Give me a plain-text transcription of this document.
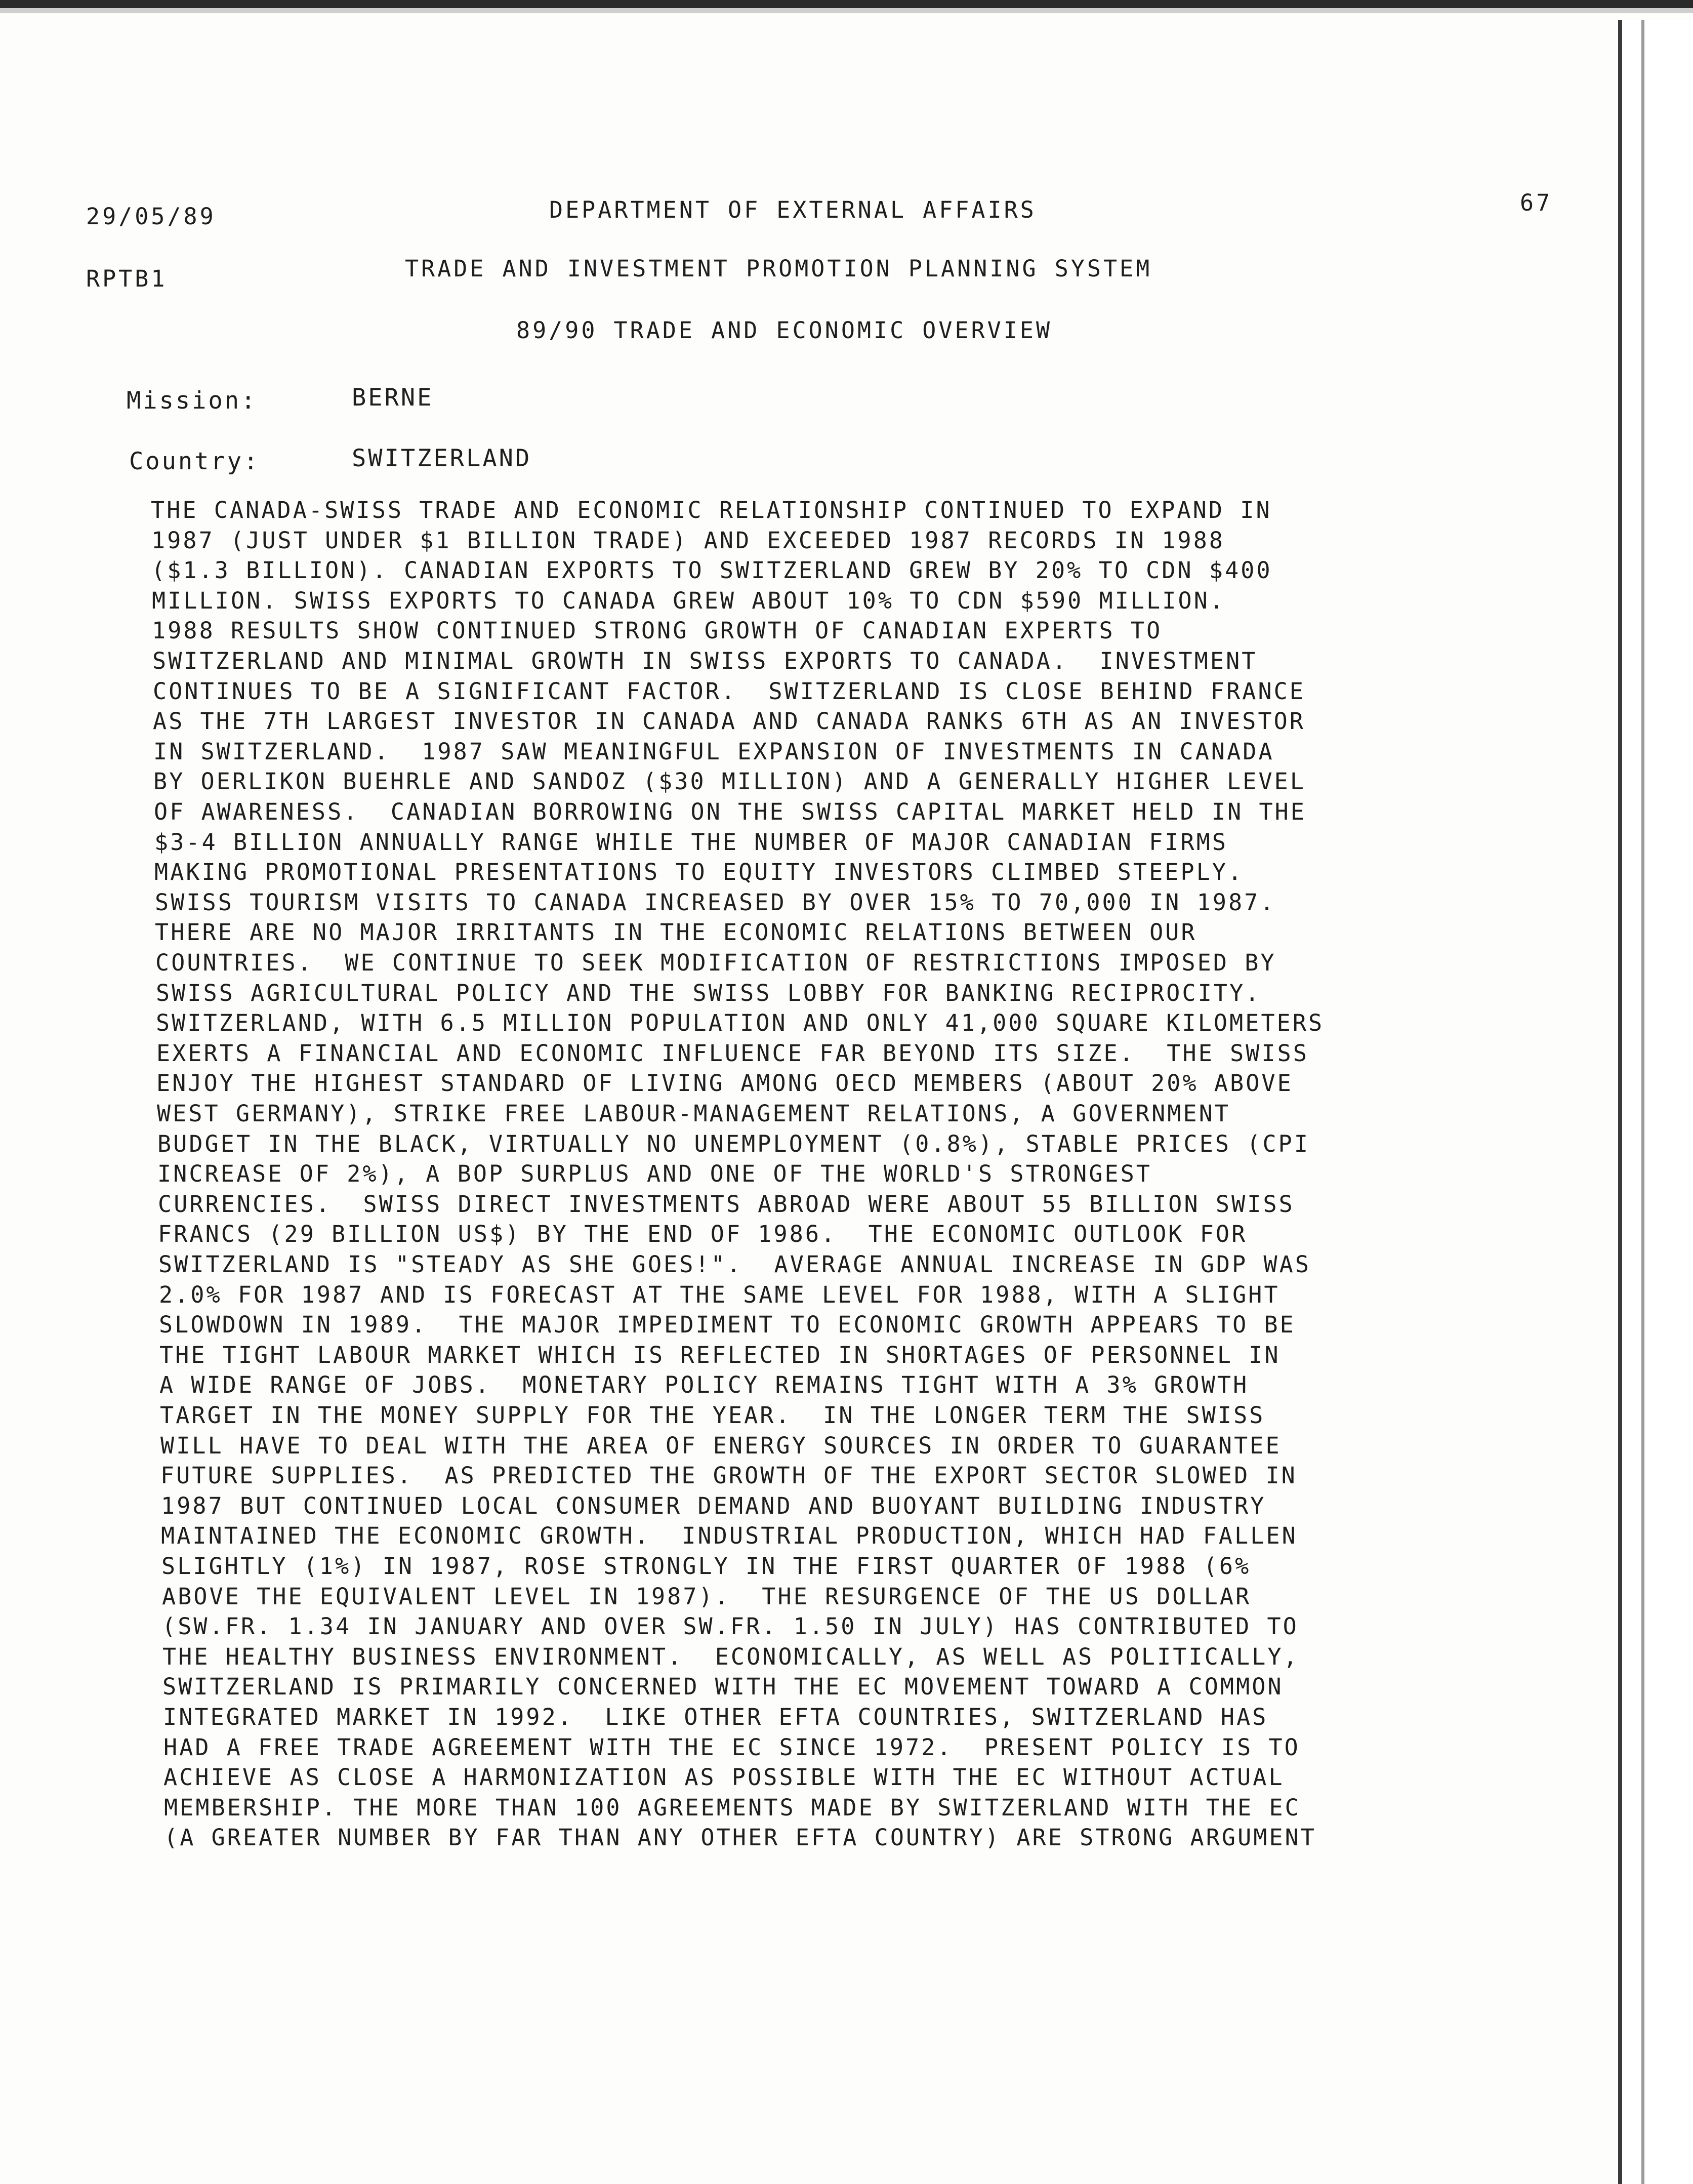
29/05/89	DEPARTMENT OF EXTERNAL AFFAIRS	67
RPTB1	TRADE AND INVESTMENT PROMOTION PLANNING SYSTEM
89/90 TRADE AND ECONOMIC OVERVIEW
Mission:	BERNE
Country:	SWITZERLAND
THE CANADA-SWISS TRADE AND ECONOMIC RELATIONSHIP CONTINUED TO EXPAND IN
1987 (JUST UNDER $1 BILLION TRADE) AND EXCEEDED 1987 RECORDS IN 1988
($1.3 BILLION). CANADIAN EXPORTS TO SWITZERLAND GREW BY 20% TO CDN $400
MILLION. SWISS EXPORTS TO CANADA GREW ABOUT 10% TO CDN $590 MILLION.
1988 RESULTS SHOW CONTINUED STRONG GROWTH OF CANADIAN EXPERTS TO
SWITZERLAND AND MINIMAL GROWTH IN SWISS EXPORTS TO CANADA.  INVESTMENT
CONTINUES TO BE A SIGNIFICANT FACTOR.  SWITZERLAND IS CLOSE BEHIND FRANCE
AS THE 7TH LARGEST INVESTOR IN CANADA AND CANADA RANKS 6TH AS AN INVESTOR
IN SWITZERLAND.  1987 SAW MEANINGFUL EXPANSION OF INVESTMENTS IN CANADA
BY OERLIKON BUEHRLE AND SANDOZ ($30 MILLION) AND A GENERALLY HIGHER LEVEL
OF AWARENESS.  CANADIAN BORROWING ON THE SWISS CAPITAL MARKET HELD IN THE
$3-4 BILLION ANNUALLY RANGE WHILE THE NUMBER OF MAJOR CANADIAN FIRMS
MAKING PROMOTIONAL PRESENTATIONS TO EQUITY INVESTORS CLIMBED STEEPLY.
SWISS TOURISM VISITS TO CANADA INCREASED BY OVER 15% TO 70,000 IN 1987.
THERE ARE NO MAJOR IRRITANTS IN THE ECONOMIC RELATIONS BETWEEN OUR
COUNTRIES.  WE CONTINUE TO SEEK MODIFICATION OF RESTRICTIONS IMPOSED BY
SWISS AGRICULTURAL POLICY AND THE SWISS LOBBY FOR BANKING RECIPROCITY.
SWITZERLAND, WITH 6.5 MILLION POPULATION AND ONLY 41,000 SQUARE KILOMETERS
EXERTS A FINANCIAL AND ECONOMIC INFLUENCE FAR BEYOND ITS SIZE.  THE SWISS
ENJOY THE HIGHEST STANDARD OF LIVING AMONG OECD MEMBERS (ABOUT 20% ABOVE
WEST GERMANY), STRIKE FREE LABOUR-MANAGEMENT RELATIONS, A GOVERNMENT
BUDGET IN THE BLACK, VIRTUALLY NO UNEMPLOYMENT (0.8%), STABLE PRICES (CPI
INCREASE OF 2%), A BOP SURPLUS AND ONE OF THE WORLD'S STRONGEST
CURRENCIES.  SWISS DIRECT INVESTMENTS ABROAD WERE ABOUT 55 BILLION SWISS
FRANCS (29 BILLION US$) BY THE END OF 1986.  THE ECONOMIC OUTLOOK FOR
SWITZERLAND IS "STEADY AS SHE GOES!".  AVERAGE ANNUAL INCREASE IN GDP WAS
2.0% FOR 1987 AND IS FORECAST AT THE SAME LEVEL FOR 1988, WITH A SLIGHT
SLOWDOWN IN 1989.  THE MAJOR IMPEDIMENT TO ECONOMIC GROWTH APPEARS TO BE
THE TIGHT LABOUR MARKET WHICH IS REFLECTED IN SHORTAGES OF PERSONNEL IN
A WIDE RANGE OF JOBS.  MONETARY POLICY REMAINS TIGHT WITH A 3% GROWTH
TARGET IN THE MONEY SUPPLY FOR THE YEAR.  IN THE LONGER TERM THE SWISS
WILL HAVE TO DEAL WITH THE AREA OF ENERGY SOURCES IN ORDER TO GUARANTEE
FUTURE SUPPLIES.  AS PREDICTED THE GROWTH OF THE EXPORT SECTOR SLOWED IN
1987 BUT CONTINUED LOCAL CONSUMER DEMAND AND BUOYANT BUILDING INDUSTRY
MAINTAINED THE ECONOMIC GROWTH.  INDUSTRIAL PRODUCTION, WHICH HAD FALLEN
SLIGHTLY (1%) IN 1987, ROSE STRONGLY IN THE FIRST QUARTER OF 1988 (6%
ABOVE THE EQUIVALENT LEVEL IN 1987).  THE RESURGENCE OF THE US DOLLAR
(SW.FR. 1.34 IN JANUARY AND OVER SW.FR. 1.50 IN JULY) HAS CONTRIBUTED TO
THE HEALTHY BUSINESS ENVIRONMENT.  ECONOMICALLY, AS WELL AS POLITICALLY,
SWITZERLAND IS PRIMARILY CONCERNED WITH THE EC MOVEMENT TOWARD A COMMON
INTEGRATED MARKET IN 1992.  LIKE OTHER EFTA COUNTRIES, SWITZERLAND HAS
HAD A FREE TRADE AGREEMENT WITH THE EC SINCE 1972.  PRESENT POLICY IS TO
ACHIEVE AS CLOSE A HARMONIZATION AS POSSIBLE WITH THE EC WITHOUT ACTUAL
MEMBERSHIP. THE MORE THAN 100 AGREEMENTS MADE BY SWITZERLAND WITH THE EC
(A GREATER NUMBER BY FAR THAN ANY OTHER EFTA COUNTRY) ARE STRONG ARGUMENT
